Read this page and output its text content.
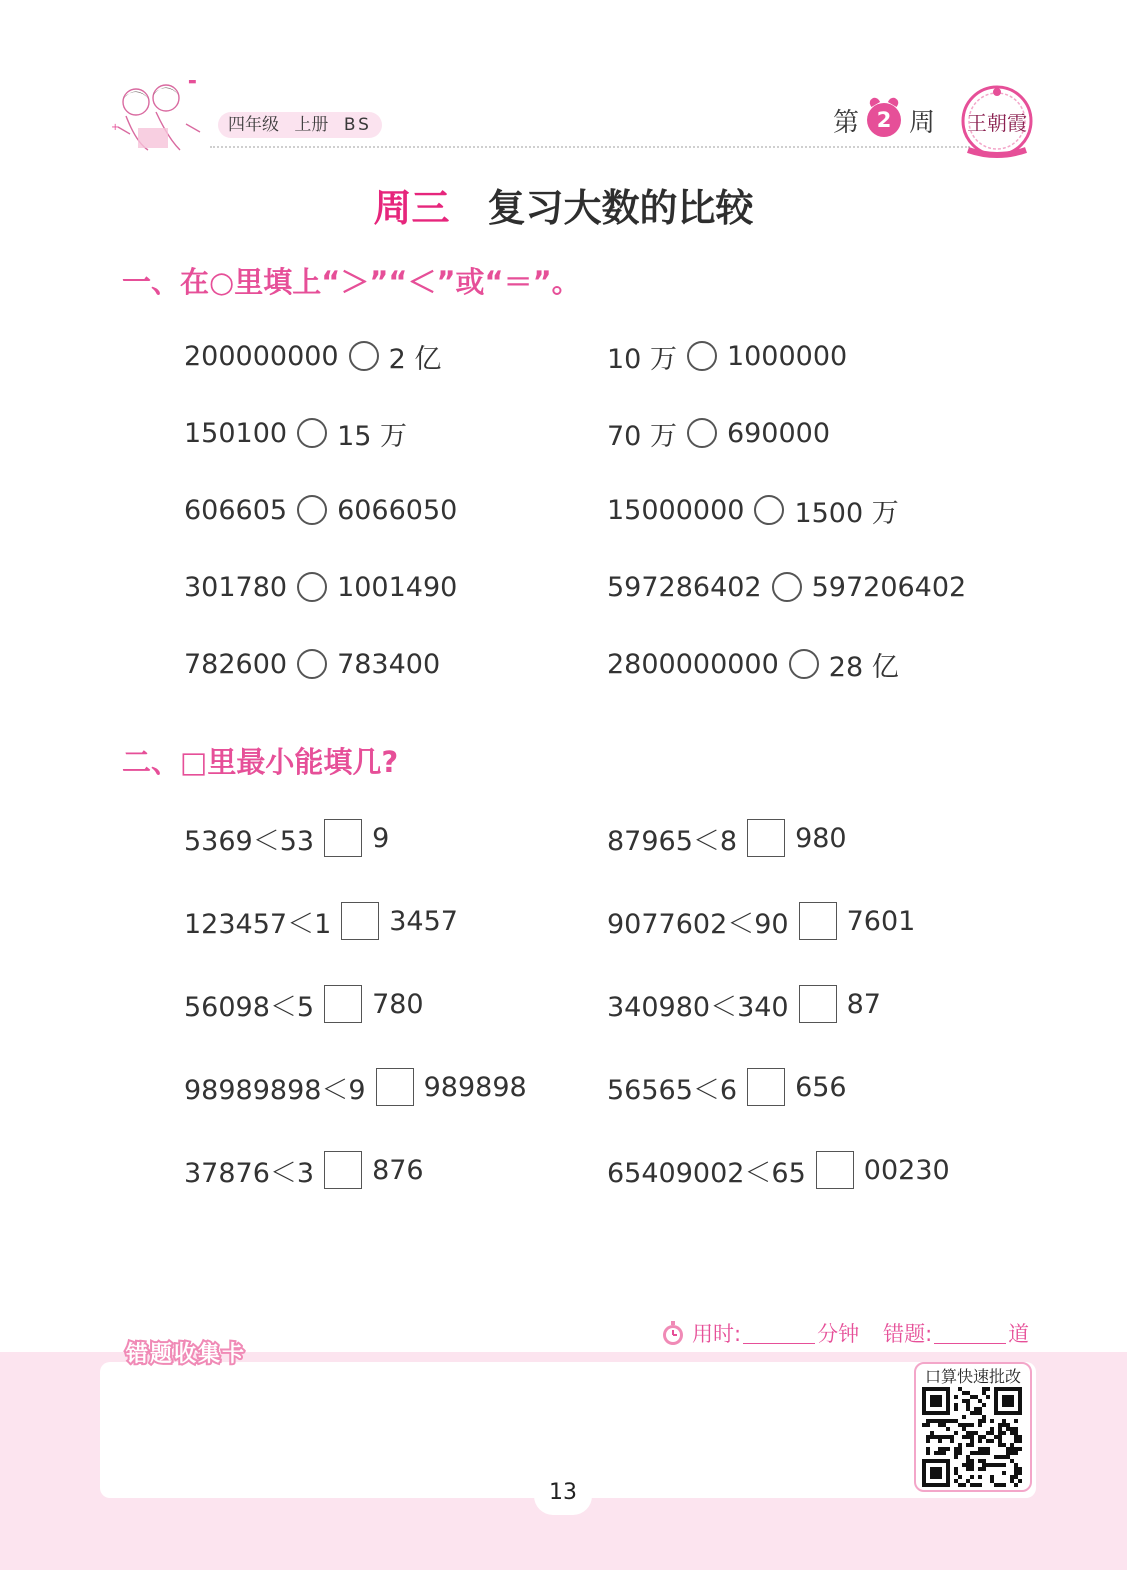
+
▬
四年级 上册 BS	第 2 周 王朝霞
周三 复习大数的比较
一、在○里填上“＞”“＜”或“＝”。
200000000 2 亿
150100 15 万
606605 6066050
301780 1001490
782600 783400
10 万 1000000
70 万 690000
15000000 1500 万
597286402 597206402
2800000000 28 亿
二、□里最小能填几?
5369＜53 9
123457＜1 3457
56098＜5 780
98989898＜9 989898
37876＜3 876
87965＜8 980
9077602＜90 7601
340980＜340 87
56565＜6 656
65409002＜65 00230
用时:	分钟 错题:	道
错题收集卡
口算快速批改
13
